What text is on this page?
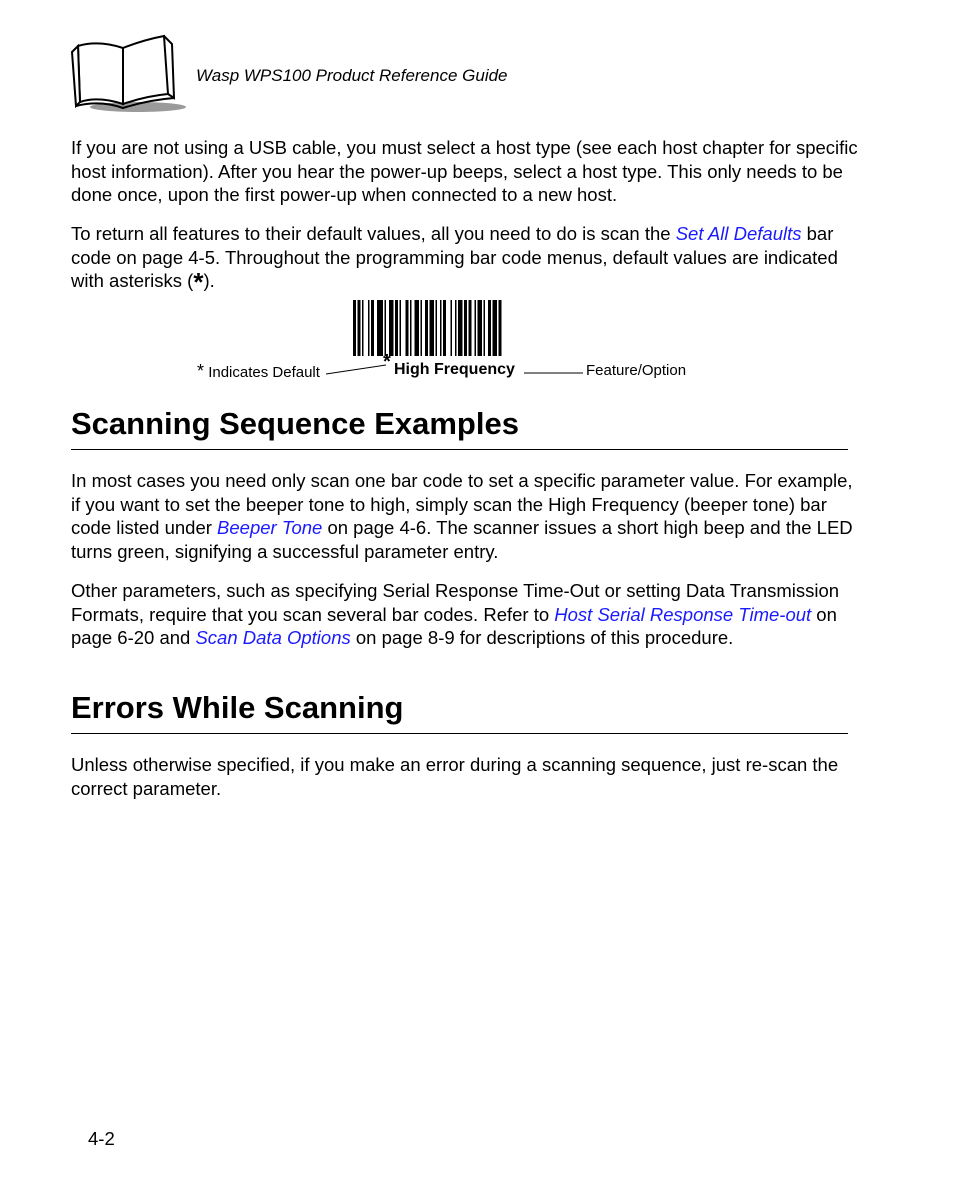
Wasp WPS100 Product Reference Guide

If you are not using a USB cable, you must select a host type (see each host chapter for specific host information). After you hear the power-up beeps, select a host type. This only needs to be done once, upon the first power-up when connected to a new host.

To return all features to their default values, all you need to do is scan the Set All Defaults bar code on page 4-5. Throughout the programming bar code menus, default values are indicated with asterisks (*).

* Indicates Default	* High Frequency	Feature/Option
Scanning Sequence Examples

In most cases you need only scan one bar code to set a specific parameter value. For example, if you want to set the beeper tone to high, simply scan the High Frequency (beeper tone) bar code listed under Beeper Tone on page 4-6. The scanner issues a short high beep and the LED turns green, signifying a successful parameter entry.

Other parameters, such as specifying Serial Response Time-Out or setting Data Transmission Formats, require that you scan several bar codes. Refer to Host Serial Response Time-out on page 6-20 and Scan Data Options on page 8-9 for descriptions of this procedure.

Errors While Scanning

Unless otherwise specified, if you make an error during a scanning sequence, just re-scan the correct parameter.

4-2
